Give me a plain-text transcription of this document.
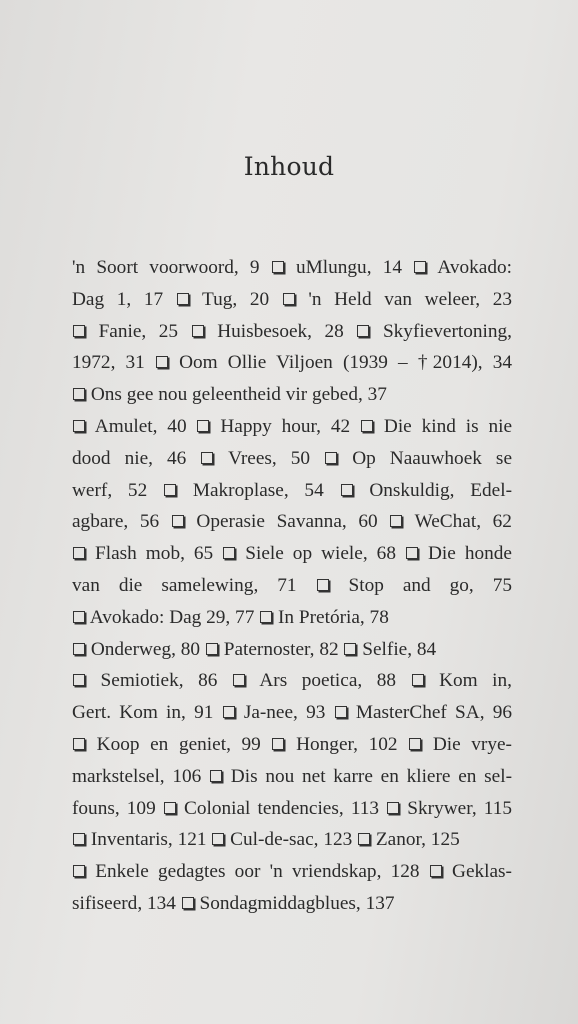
Inhoud
'n Soort voorwoord, 9 uMlungu, 14 Avokado:
Dag 1, 17 Tug, 20 'n Held van weleer, 23
Fanie, 25 Huisbesoek, 28 Skyfievertoning,
1972, 31 Oom Ollie Viljoen (1939 – †2014), 34
Ons gee nou geleentheid vir gebed, 37
Amulet, 40 Happy hour, 42 Die kind is nie
dood nie, 46 Vrees, 50 Op Naauwhoek se
werf, 52 Makroplase, 54 Onskuldig, Edel-
agbare, 56 Operasie Savanna, 60 WeChat, 62
Flash mob, 65 Siele op wiele, 68 Die honde
van die samelewing, 71	Stop and go, 75
Avokado: Dag 29, 77 In Pretória, 78
Onderweg, 80 Paternoster, 82 Selfie, 84
Semiotiek, 86 Ars poetica, 88 Kom in,
Gert. Kom in, 91 Ja-nee, 93 MasterChef SA, 96
Koop en geniet, 99 Honger, 102 Die vrye-
markstelsel, 106 Dis nou net karre en kliere en sel-
founs, 109 Colonial tendencies, 113 Skrywer, 115
Inventaris, 121 Cul-de-sac, 123 Zanor, 125
Enkele gedagtes oor 'n vriendskap, 128 Geklas-
sifiseerd, 134 Sondagmiddagblues, 137
